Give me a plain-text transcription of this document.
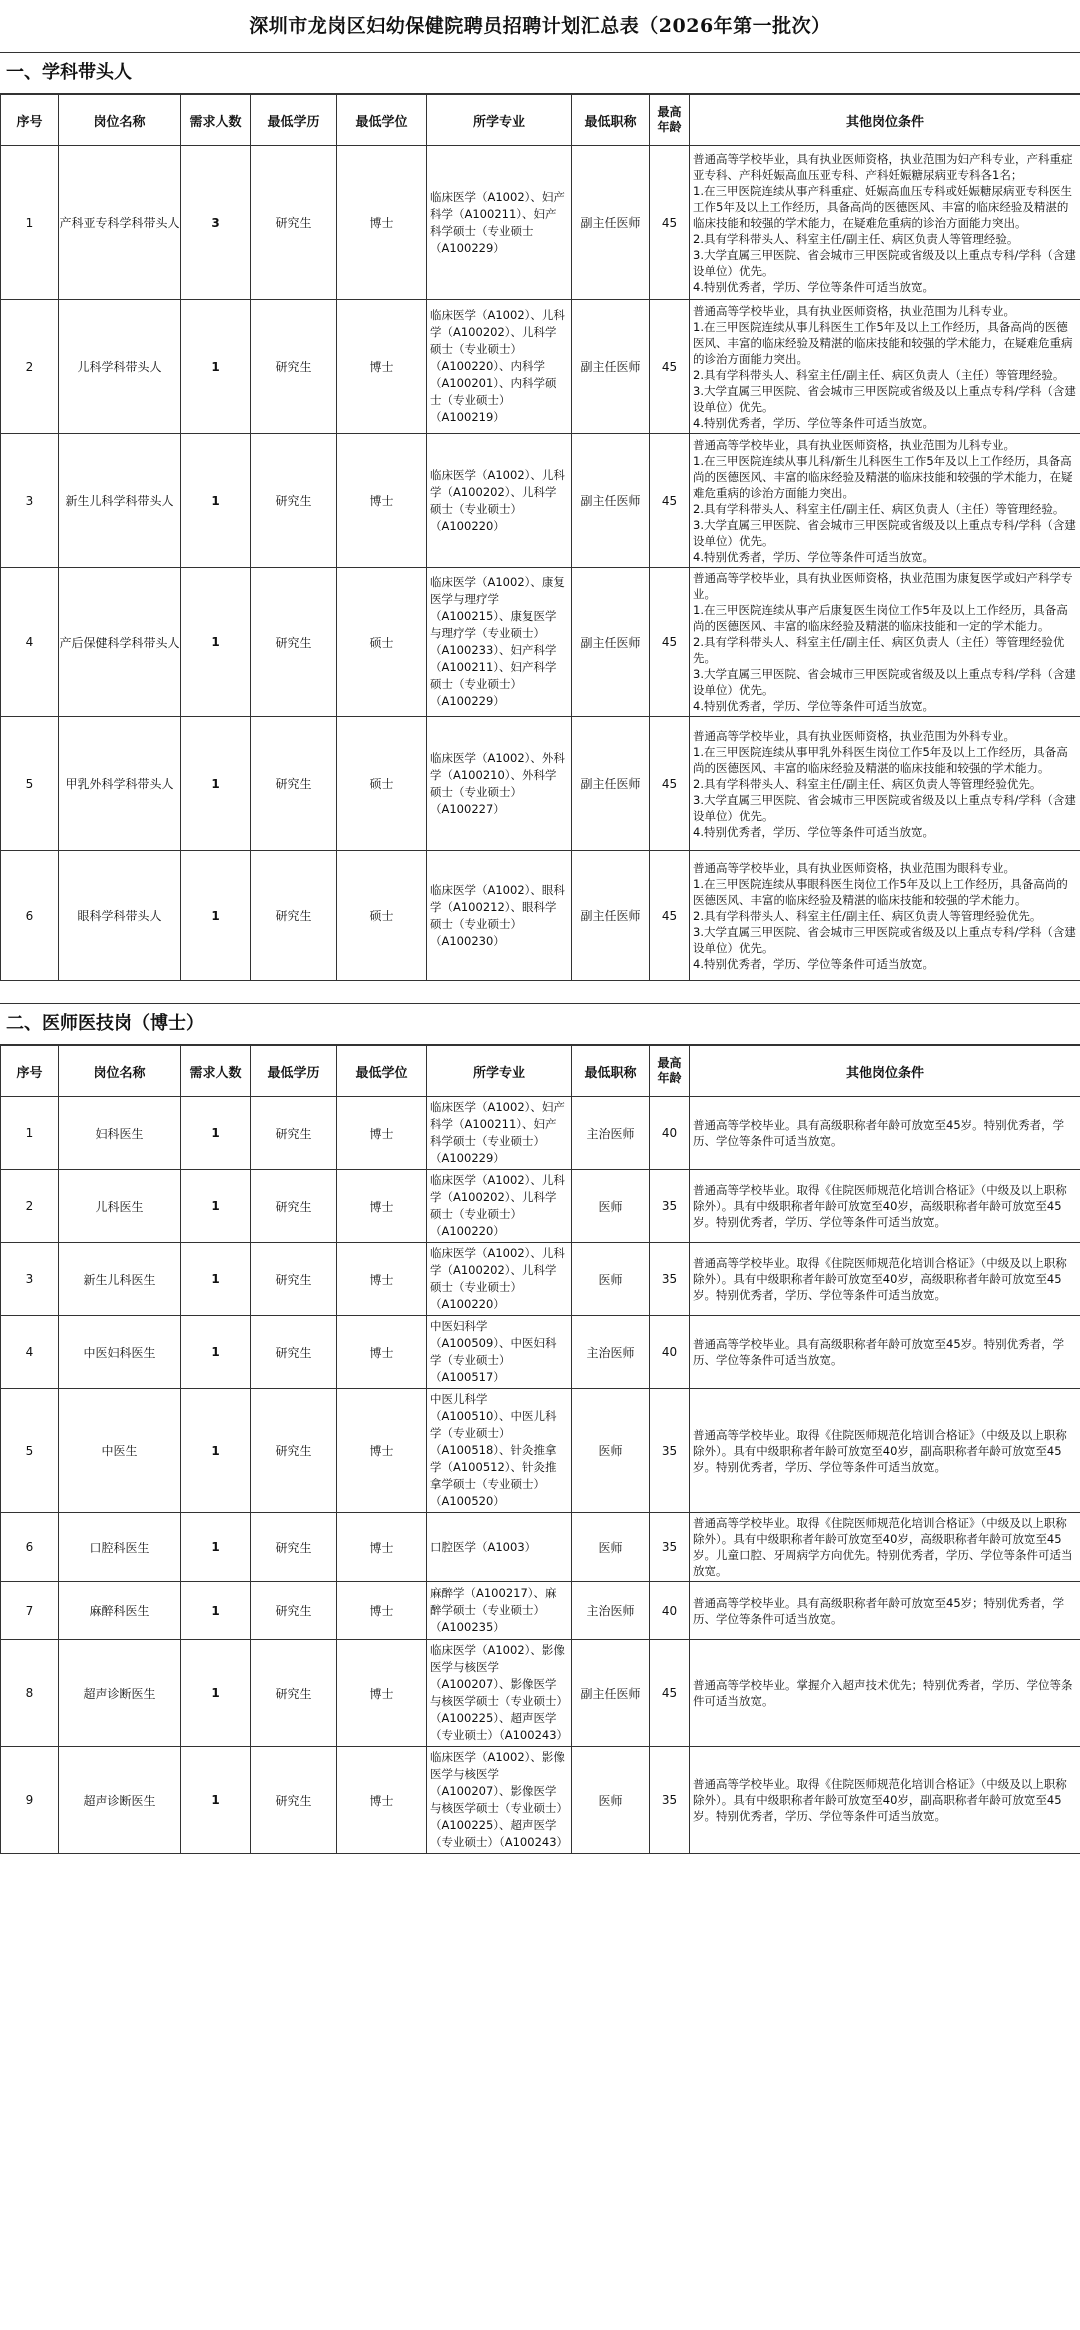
深圳市龙岗区妇幼保健院聘员招聘计划汇总表（2026年第一批次）
一、学科带头人
序号	岗位名称	需求人数	最低学历	最低学位	所学专业	最低职称	最高年龄	其他岗位条件
1	产科亚专科学科带头人	3	研究生	博士	临床医学（A1002）、妇产科学（A100211）、妇产科学硕士（专业硕士（A100229）	副主任医师	45	普通高等学校毕业，具有执业医师资格，执业范围为妇产科专业，产科重症亚专科、产科妊娠高血压亚专科、产科妊娠糖尿病亚专科各1名；
1.在三甲医院连续从事产科重症、妊娠高血压专科或妊娠糖尿病亚专科医生工作5年及以上工作经历，具备高尚的医德医风、丰富的临床经验及精湛的临床技能和较强的学术能力，在疑难危重病的诊治方面能力突出。
2.具有学科带头人、科室主任/副主任、病区负责人等管理经验。
3.大学直属三甲医院、省会城市三甲医院或省级及以上重点专科/学科（含建设单位）优先。
4.特别优秀者，学历、学位等条件可适当放宽。
2	儿科学科带头人	1	研究生	博士	临床医学（A1002）、儿科学（A100202）、儿科学硕士（专业硕士）（A100220）、内科学（A100201）、内科学硕士（专业硕士）（A100219）	副主任医师	45	普通高等学校毕业，具有执业医师资格，执业范围为儿科专业。
1.在三甲医院连续从事儿科医生工作5年及以上工作经历，具备高尚的医德医风、丰富的临床经验及精湛的临床技能和较强的学术能力，在疑难危重病的诊治方面能力突出。
2.具有学科带头人、科室主任/副主任、病区负责人（主任）等管理经验。
3.大学直属三甲医院、省会城市三甲医院或省级及以上重点专科/学科（含建设单位）优先。
4.特别优秀者，学历、学位等条件可适当放宽。
3	新生儿科学科带头人	1	研究生	博士	临床医学（A1002）、儿科学（A100202）、儿科学硕士（专业硕士）（A100220）	副主任医师	45	普通高等学校毕业，具有执业医师资格，执业范围为儿科专业。
1.在三甲医院连续从事儿科/新生儿科医生工作5年及以上工作经历，具备高尚的医德医风、丰富的临床经验及精湛的临床技能和较强的学术能力，在疑难危重病的诊治方面能力突出。
2.具有学科带头人、科室主任/副主任、病区负责人（主任）等管理经验。
3.大学直属三甲医院、省会城市三甲医院或省级及以上重点专科/学科（含建设单位）优先。
4.特别优秀者，学历、学位等条件可适当放宽。
4	产后保健科学科带头人	1	研究生	硕士	临床医学（A1002）、康复医学与理疗学（A100215）、康复医学与理疗学（专业硕士）（A100233）、妇产科学（A100211）、妇产科学硕士（专业硕士）（A100229）	副主任医师	45	普通高等学校毕业，具有执业医师资格，执业范围为康复医学或妇产科学专业。
1.在三甲医院连续从事产后康复医生岗位工作5年及以上工作经历，具备高尚的医德医风、丰富的临床经验及精湛的临床技能和一定的学术能力。
2.具有学科带头人、科室主任/副主任、病区负责人（主任）等管理经验优先。
3.大学直属三甲医院、省会城市三甲医院或省级及以上重点专科/学科（含建设单位）优先。
4.特别优秀者，学历、学位等条件可适当放宽。
5	甲乳外科学科带头人	1	研究生	硕士	临床医学（A1002）、外科学（A100210）、外科学硕士（专业硕士）（A100227）	副主任医师	45	普通高等学校毕业，具有执业医师资格，执业范围为外科专业。
1.在三甲医院连续从事甲乳外科医生岗位工作5年及以上工作经历，具备高尚的医德医风、丰富的临床经验及精湛的临床技能和较强的学术能力。
2.具有学科带头人、科室主任/副主任、病区负责人等管理经验优先。
3.大学直属三甲医院、省会城市三甲医院或省级及以上重点专科/学科（含建设单位）优先。
4.特别优秀者，学历、学位等条件可适当放宽。
6	眼科学科带头人	1	研究生	硕士	临床医学（A1002）、眼科学（A100212）、眼科学硕士（专业硕士）（A100230）	副主任医师	45	普通高等学校毕业，具有执业医师资格，执业范围为眼科专业。
1.在三甲医院连续从事眼科医生岗位工作5年及以上工作经历，具备高尚的医德医风、丰富的临床经验及精湛的临床技能和较强的学术能力。
2.具有学科带头人、科室主任/副主任、病区负责人等管理经验优先。
3.大学直属三甲医院、省会城市三甲医院或省级及以上重点专科/学科（含建设单位）优先。
4.特别优秀者，学历、学位等条件可适当放宽。
二、医师医技岗（博士）
序号	岗位名称	需求人数	最低学历	最低学位	所学专业	最低职称	最高年龄	其他岗位条件
1	妇科医生	1	研究生	博士	临床医学（A1002）、妇产科学（A100211）、妇产科学硕士（专业硕士）（A100229）	主治医师	40	普通高等学校毕业。具有高级职称者年龄可放宽至45岁。特别优秀者，学历、学位等条件可适当放宽。
2	儿科医生	1	研究生	博士	临床医学（A1002）、儿科学（A100202）、儿科学硕士（专业硕士）（A100220）	医师	35	普通高等学校毕业。取得《住院医师规范化培训合格证》（中级及以上职称除外）。具有中级职称者年龄可放宽至40岁，高级职称者年龄可放宽至45岁。特别优秀者，学历、学位等条件可适当放宽。
3	新生儿科医生	1	研究生	博士	临床医学（A1002）、儿科学（A100202）、儿科学硕士（专业硕士）（A100220）	医师	35	普通高等学校毕业。取得《住院医师规范化培训合格证》（中级及以上职称除外）。具有中级职称者年龄可放宽至40岁，高级职称者年龄可放宽至45岁。特别优秀者，学历、学位等条件可适当放宽。
4	中医妇科医生	1	研究生	博士	中医妇科学（A100509）、中医妇科学（专业硕士）（A100517）	主治医师	40	普通高等学校毕业。具有高级职称者年龄可放宽至45岁。特别优秀者，学历、学位等条件可适当放宽。
5	中医生	1	研究生	博士	中医儿科学（A100510）、中医儿科学（专业硕士）（A100518）、针灸推拿学（A100512）、针灸推拿学硕士（专业硕士）（A100520）	医师	35	普通高等学校毕业。取得《住院医师规范化培训合格证》（中级及以上职称除外）。具有中级职称者年龄可放宽至40岁，副高职称者年龄可放宽至45岁。特别优秀者，学历、学位等条件可适当放宽。
6	口腔科医生	1	研究生	博士	口腔医学（A1003）	医师	35	普通高等学校毕业。取得《住院医师规范化培训合格证》（中级及以上职称除外）。具有中级职称者年龄可放宽至40岁，高级职称者年龄可放宽至45岁。儿童口腔、牙周病学方向优先。特别优秀者，学历、学位等条件可适当放宽。
7	麻醉科医生	1	研究生	博士	麻醉学（A100217）、麻醉学硕士（专业硕士）（A100235）	主治医师	40	普通高等学校毕业。具有高级职称者年龄可放宽至45岁；特别优秀者，学历、学位等条件可适当放宽。
8	超声诊断医生	1	研究生	博士	临床医学（A1002）、影像医学与核医学（A100207）、影像医学与核医学硕士（专业硕士）（A100225）、超声医学（专业硕士）（A100243）	副主任医师	45	普通高等学校毕业。掌握介入超声技术优先；特别优秀者，学历、学位等条件可适当放宽。
9	超声诊断医生	1	研究生	博士	临床医学（A1002）、影像医学与核医学（A100207）、影像医学与核医学硕士（专业硕士）（A100225）、超声医学（专业硕士）（A100243）	医师	35	普通高等学校毕业。取得《住院医师规范化培训合格证》（中级及以上职称除外）。具有中级职称者年龄可放宽至40岁，副高职称者年龄可放宽至45岁。特别优秀者，学历、学位等条件可适当放宽。
